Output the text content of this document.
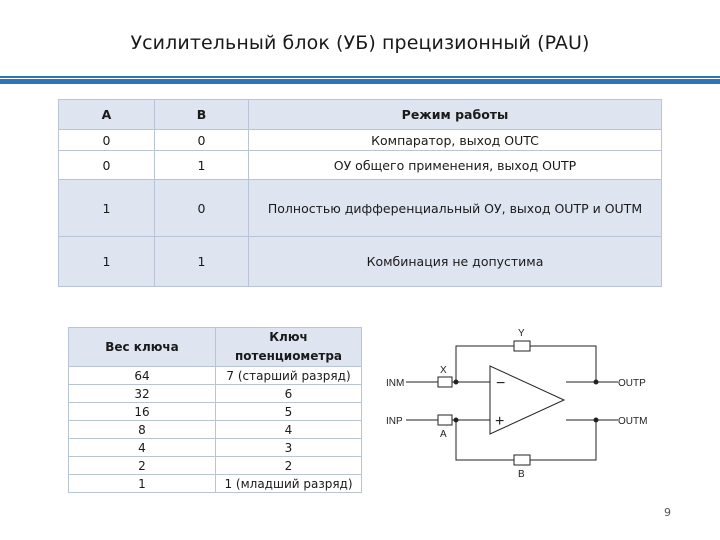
Усилительный блок (УБ) прецизионный (PAU)
A	B	Режим работы
0	0	Компаратор, выход OUTC
0	1	ОУ общего применения, выход OUTP
1	0	Полностью дифференциальный ОУ, выход OUTP и OUTM
1	1	Комбинация не допустима
Вес ключа	Ключ потенциометра
64	7 (старший разряд)
32	6
16	5
8	4
4	3
2	2
1	1 (младший разряд)
INM
INP
OUTP
OUTM
Y
X
A
B
−
+
9
